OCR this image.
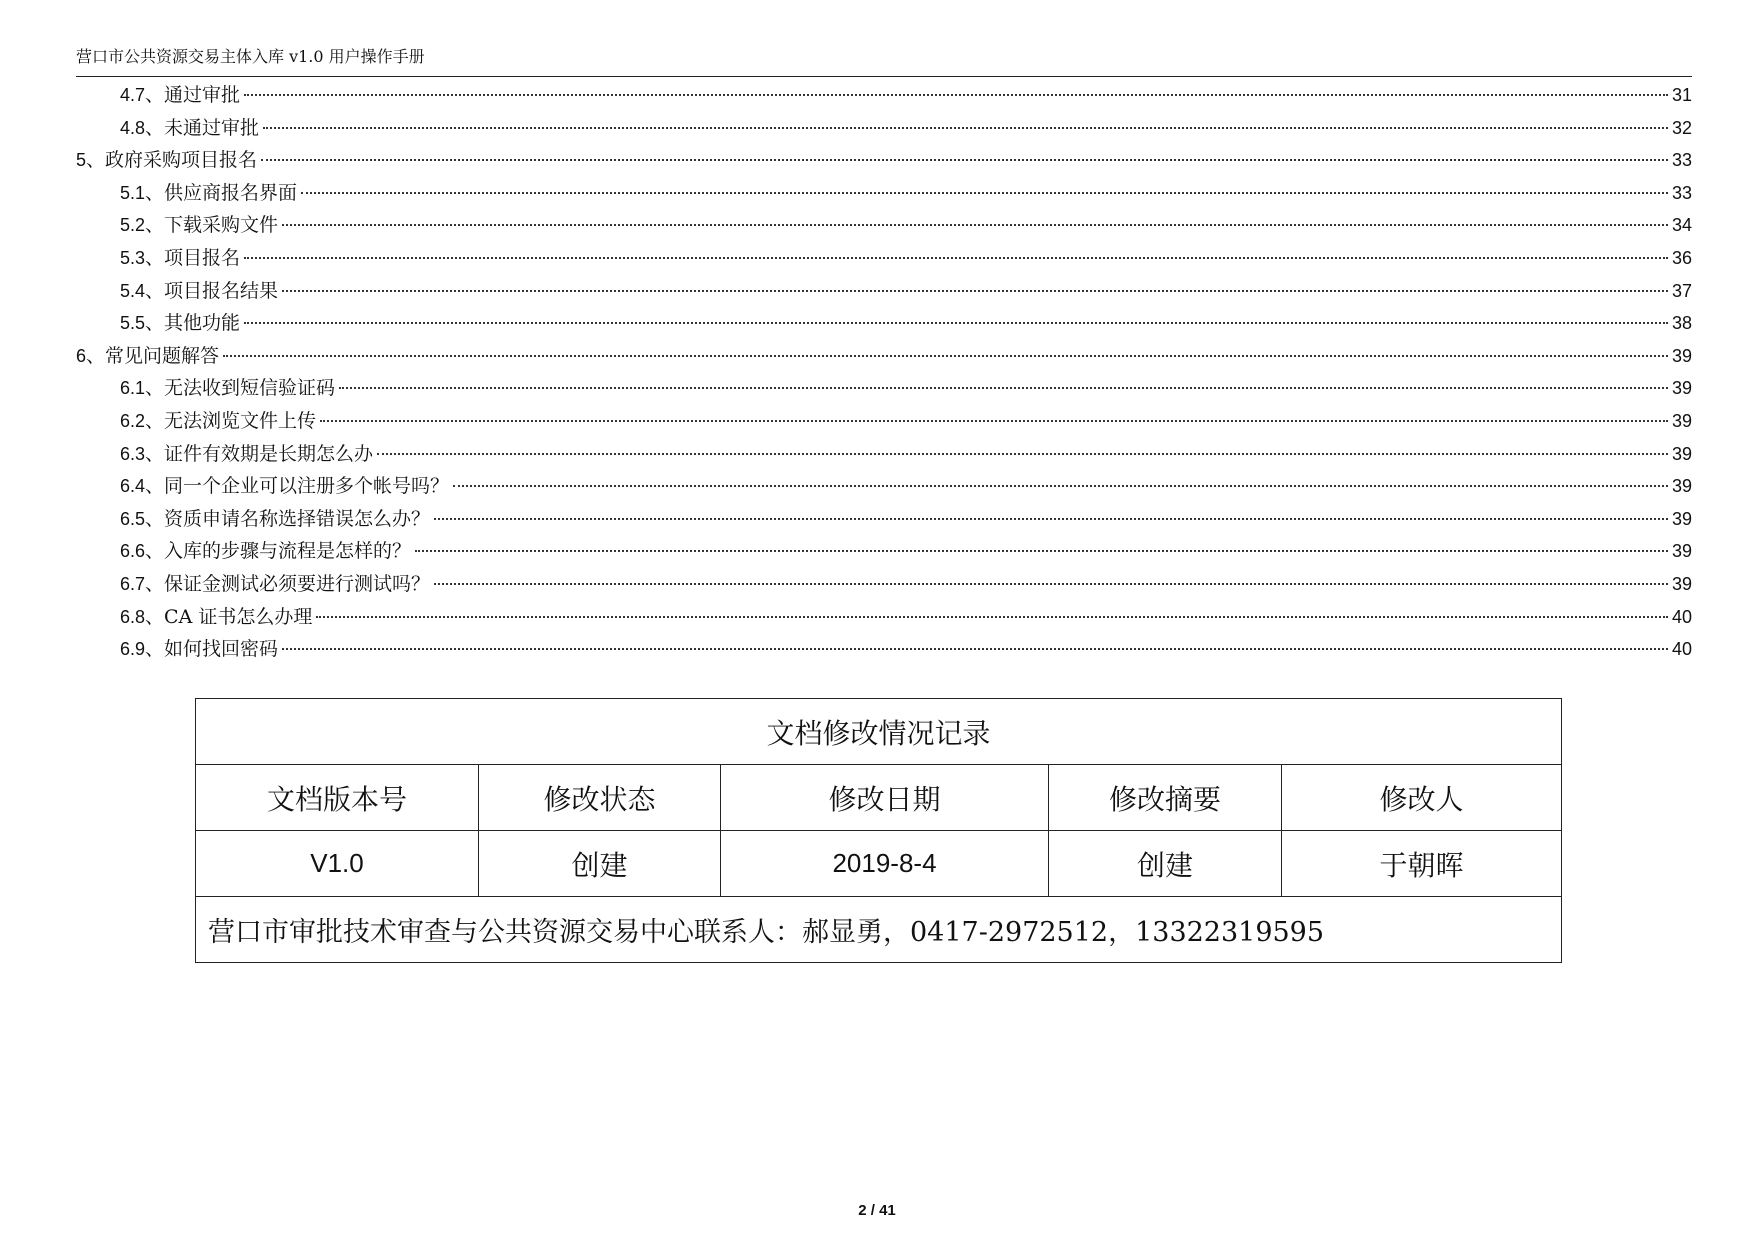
营口市公共资源交易主体入库 v1.0 用户操作手册
4.7、通过审批	31
4.8、未通过审批	32
5、政府采购项目报名	33
5.1、供应商报名界面	33
5.2、下载采购文件	34
5.3、项目报名	36
5.4、项目报名结果	37
5.5、其他功能	38
6、常见问题解答	39
6.1、无法收到短信验证码	39
6.2、无法浏览文件上传	39
6.3、证件有效期是长期怎么办	39
6.4、同一个企业可以注册多个帐号吗？	39
6.5、资质申请名称选择错误怎么办？	39
6.6、入库的步骤与流程是怎样的？	39
6.7、保证金测试必须要进行测试吗？	39
6.8、CA 证书怎么办理	40
6.9、如何找回密码	40
文档修改情况记录				
文档版本号	修改状态	修改日期	修改摘要	修改人
V1.0	创建	2019-8-4	创建	于朝晖
营口市审批技术审查与公共资源交易中心联系人：郝显勇，0417-2972512，13322319595				
2 / 41
